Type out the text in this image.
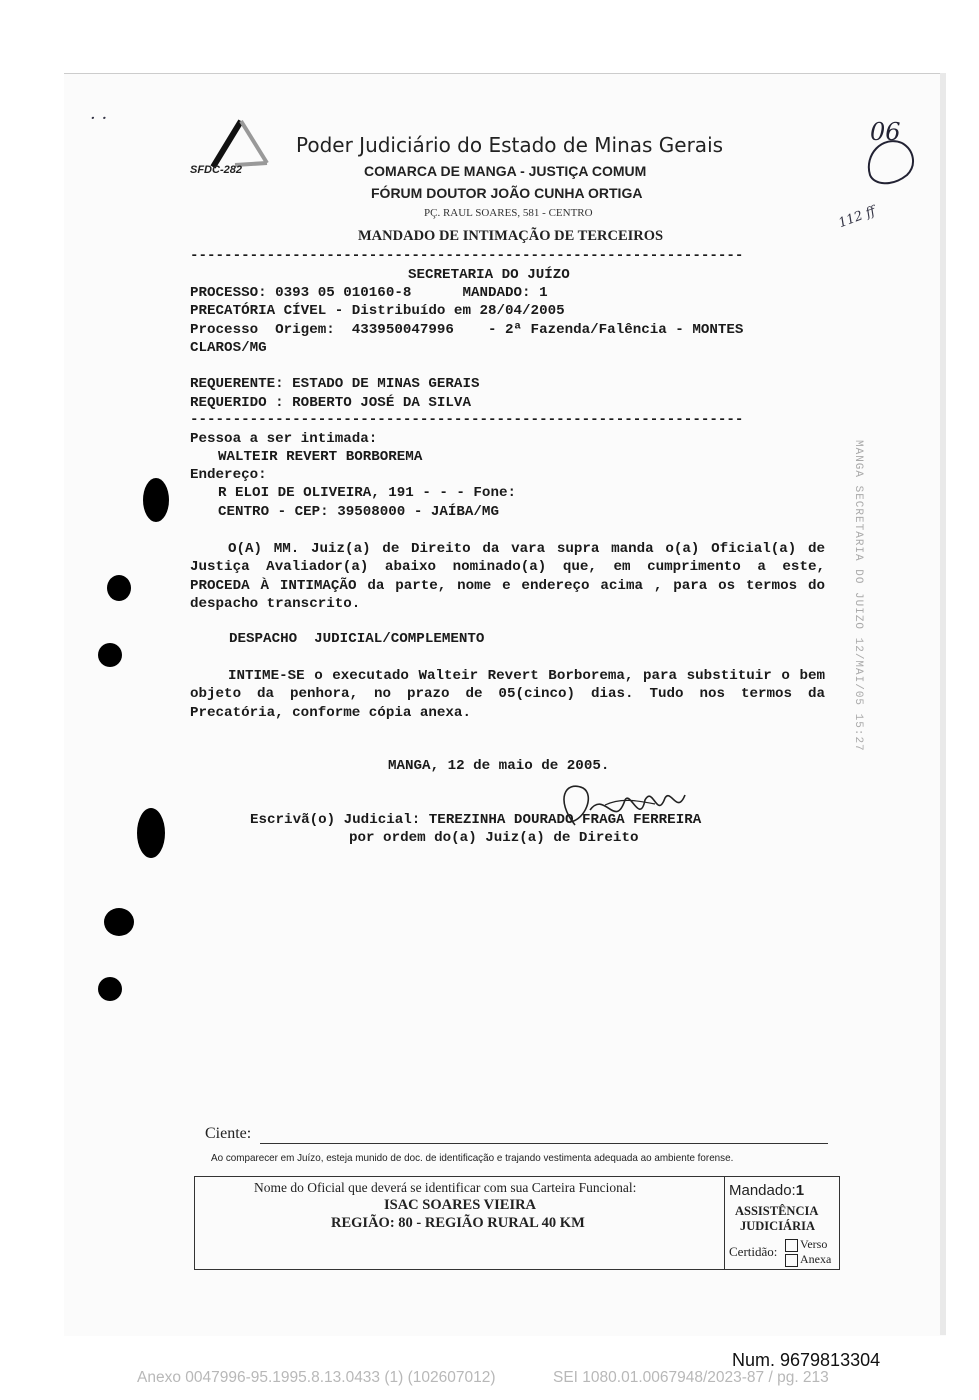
· ·	06
112 ff
MANGA SECRETARIA DO JUIZO 12/MAI/05 15:27
SFDC-282
Poder Judiciário do Estado de Minas Gerais
COMARCA DE MANGA - JUSTIÇA COMUM
FÓRUM DOUTOR JOÃO CUNHA ORTIGA
PÇ. RAUL SOARES, 581 - CENTRO
MANDADO DE INTIMAÇÃO DE TERCEIROS
-----------------------------------------------------------------
SECRETARIA DO JUÍZO
PROCESSO: 0393 05 010160-8      MANDADO: 1
PRECATÓRIA CÍVEL - Distribuído em 28/04/2005
Processo  Origem:  433950047996    - 2ª Fazenda/Falência - MONTES
CLAROS/MG
REQUERENTE: ESTADO DE MINAS GERAIS
REQUERIDO : ROBERTO JOSÉ DA SILVA
-----------------------------------------------------------------
Pessoa a ser intimada:
WALTEIR REVERT BORBOREMA
Endereço:
R ELOI DE OLIVEIRA, 191 - - - Fone:
CENTRO - CEP: 39508000 - JAÍBA/MG
O(A) MM. Juiz(a) de Direito da vara supra manda o(a) Oficial(a) de Justiça Avaliador(a) abaixo nominado(a) que, em cumprimento a este, PROCEDA À INTIMAÇÃO da parte, nome e endereço acima , para os termos do despacho transcrito.
DESPACHO  JUDICIAL/COMPLEMENTO
INTIME-SE o executado Walteir Revert Borborema, para substituir o bem objeto da penhora, no prazo de 05(cinco) dias. Tudo nos termos da Precatória, conforme cópia anexa.
MANGA, 12 de maio de 2005.
Escrivã(o) Judicial: TEREZINHA DOURADO FRAGA FERREIRA
por ordem do(a) Juiz(a) de Direito
Ciente:
Ao comparecer em Juízo, esteja munido de doc. de identificação e trajando vestimenta adequada ao ambiente forense.
Nome do Oficial que deverá se identificar com sua Carteira Funcional:
ISAC SOARES VIEIRA
REGIÃO: 80 - REGIÃO RURAL 40 KM
Mandado:1
ASSISTÊNCIA
JUDICIÁRIA
Certidão:	Verso
Anexa
Num. 9679813304
Anexo 0047996-95.1995.8.13.0433 (1) (102607012)	SEI 1080.01.0067948/2023-87 / pg. 213
